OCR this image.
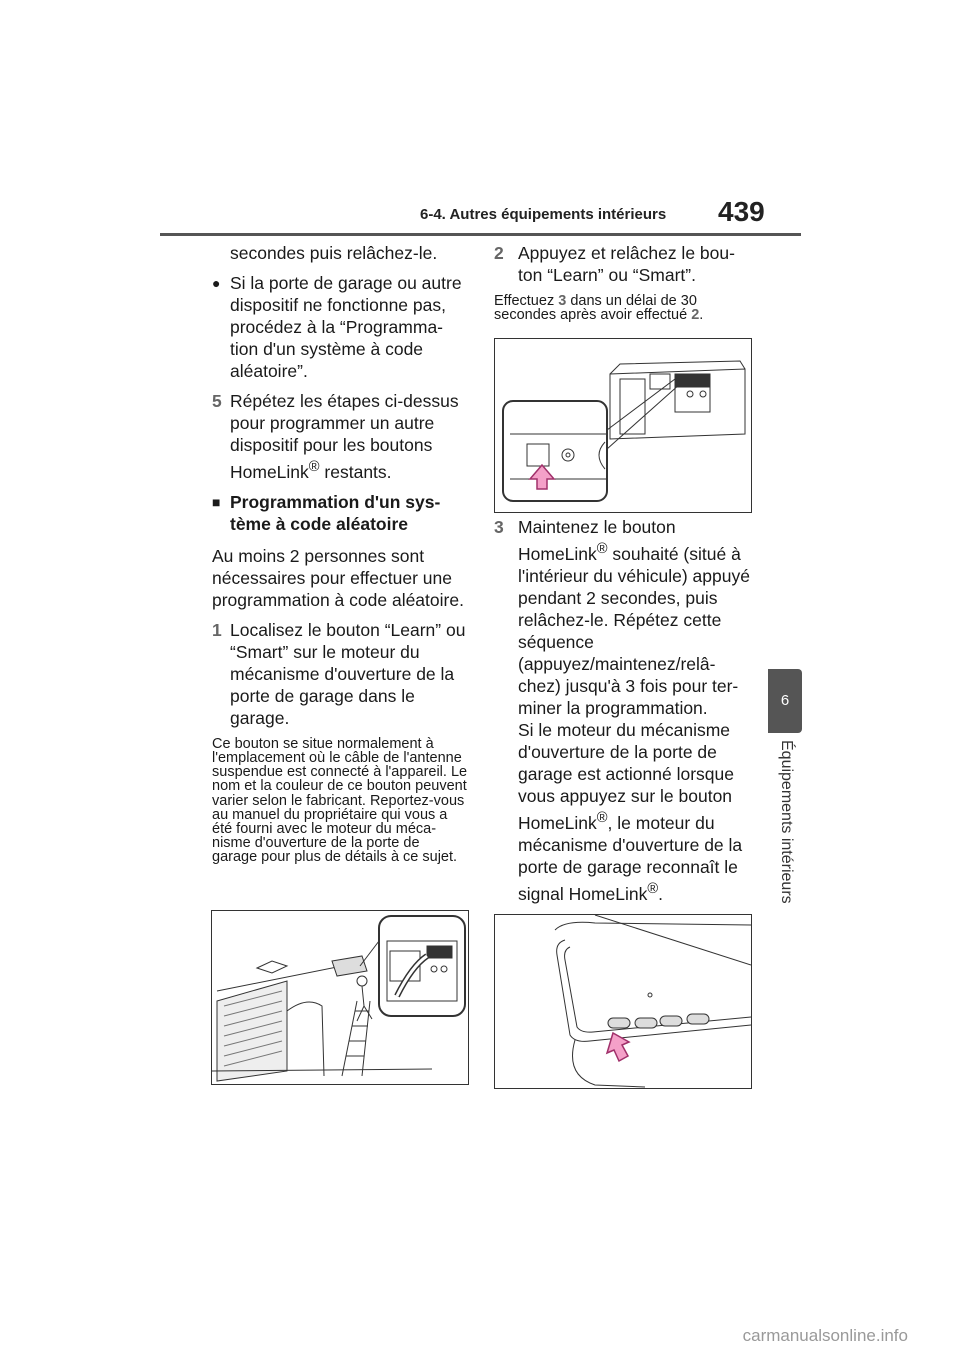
6-4. Autres équipements intérieurs 439
6
Équipements intérieurs

secondes puis relâchez-le.

● Si la porte de garage ou autre dispositif ne fonctionne pas, procédez à la “Programma-tion d'un système à code aléatoire”.

5 Répétez les étapes ci-dessus pour programmer un autre dispositif pour les boutons HomeLink® restants.

■ Programmation d'un sys-tème à code aléatoire

Au moins 2 personnes sont nécessaires pour effectuer une programmation à code aléatoire.

1 Localisez le bouton “Learn” ou “Smart” sur le moteur du mécanisme d'ouverture de la porte de garage dans le garage.

Ce bouton se situe normalement à l'emplacement où le câble de l'antenne suspendue est connecté à l'appareil. Le nom et la couleur de ce bouton peuvent varier selon le fabricant. Reportez-vous au manuel du propriétaire qui vous a été fourni avec le moteur du méca-nisme d'ouverture de la porte de garage pour plus de détails à ce sujet.

2 Appuyez et relâchez le bou-ton “Learn” ou “Smart”.

Effectuez 3 dans un délai de 30 secondes après avoir effectué 2.

3 Maintenez le bouton HomeLink® souhaité (situé à l'intérieur du véhicule) appuyé pendant 2 secondes, puis relâchez-le. Répétez cette séquence (appuyez/maintenez/relâ-chez) jusqu'à 3 fois pour ter-miner la programmation.
Si le moteur du mécanisme d'ouverture de la porte de garage est actionné lorsque vous appuyez sur le bouton HomeLink®, le moteur du mécanisme d'ouverture de la porte de garage reconnaît le signal HomeLink®.

carmanualsonline.info
